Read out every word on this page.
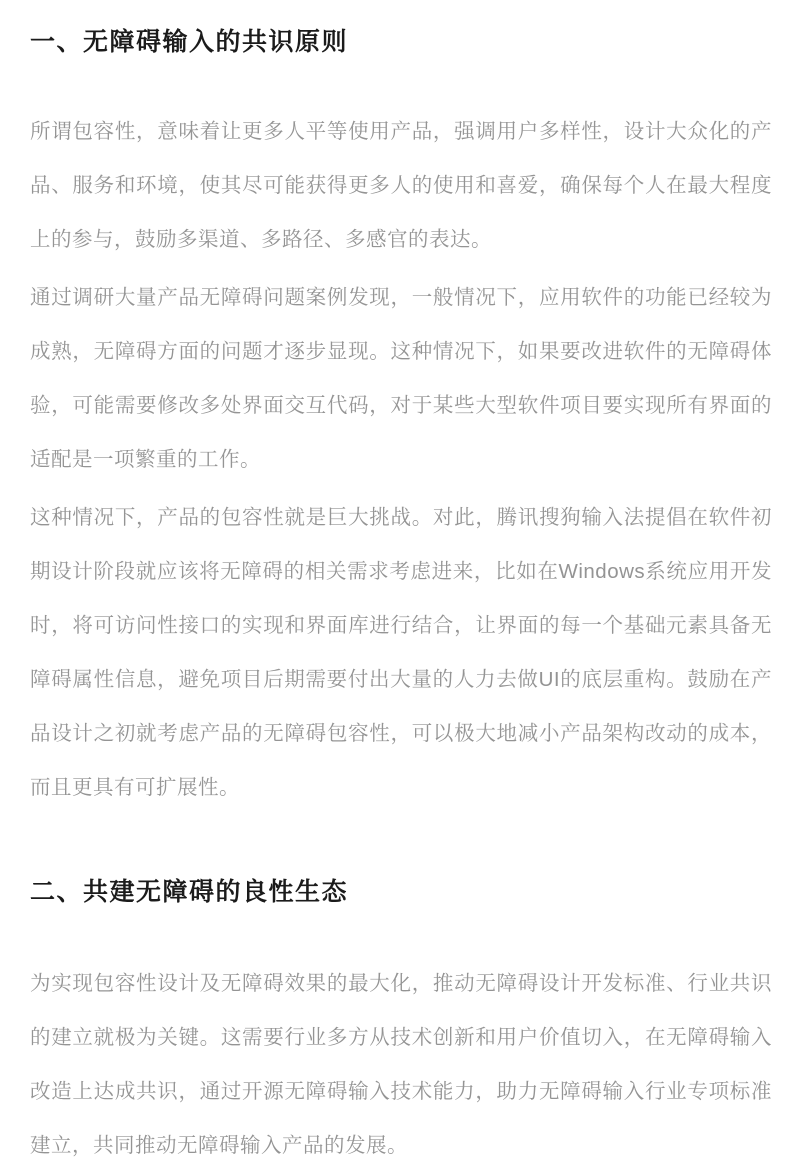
一、无障碍输入的共识原则

所谓包容性，意味着让更多人平等使用产品，强调用户多样性，设计大众化的产品、服务和环境，使其尽可能获得更多人的使用和喜爱，确保每个人在最大程度上的参与，鼓励多渠道、多路径、多感官的表达。

通过调研大量产品无障碍问题案例发现，一般情况下，应用软件的功能已经较为成熟，无障碍方面的问题才逐步显现。这种情况下，如果要改进软件的无障碍体验，可能需要修改多处界面交互代码，对于某些大型软件项目要实现所有界面的适配是一项繁重的工作。

这种情况下，产品的包容性就是巨大挑战。对此，腾讯搜狗输入法提倡在软件初期设计阶段就应该将无障碍的相关需求考虑进来，比如在Windows系统应用开发时，将可访问性接口的实现和界面库进行结合，让界面的每一个基础元素具备无障碍属性信息，避免项目后期需要付出大量的人力去做UI的底层重构。鼓励在产品设计之初就考虑产品的无障碍包容性，可以极大地减小产品架构改动的成本，而且更具有可扩展性。

二、共建无障碍的良性生态

为实现包容性设计及无障碍效果的最大化，推动无障碍设计开发标准、行业共识的建立就极为关键。这需要行业多方从技术创新和用户价值切入，在无障碍输入改造上达成共识，通过开源无障碍输入技术能力，助力无障碍输入行业专项标准建立，共同推动无障碍输入产品的发展。
